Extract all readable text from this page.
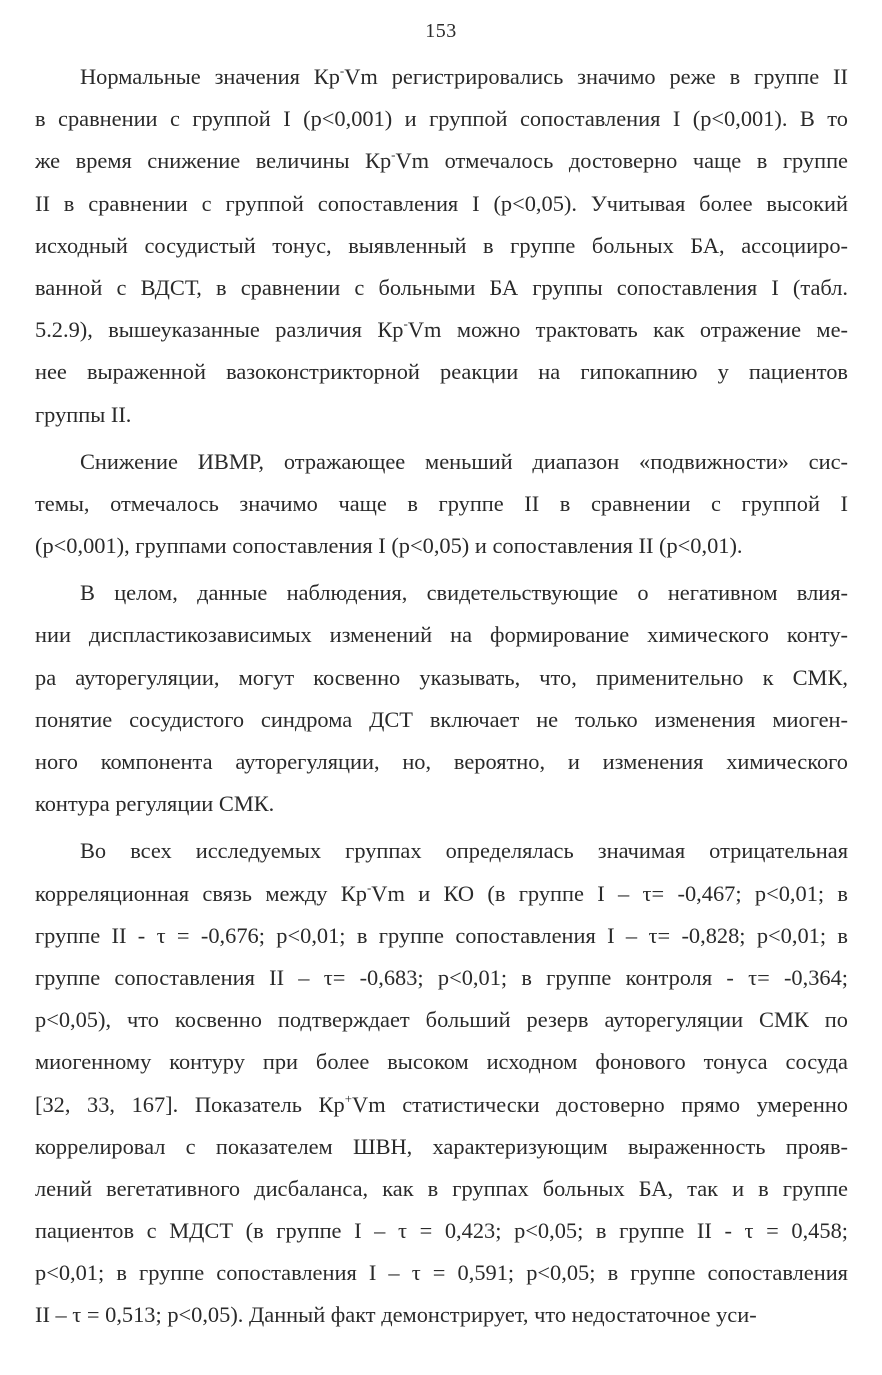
153
Нормальные значения Кр-Vm регистрировались значимо реже в группе II
в сравнении с группой I (p<0,001) и группой сопоставления I (p<0,001). В то
же время снижение величины Кр-Vm отмечалось достоверно чаще в группе
II в сравнении с группой сопоставления I (p<0,05). Учитывая более высокий
исходный сосудистый тонус, выявленный в группе больных БА, ассоцииро-
ванной с ВДСТ, в сравнении с больными БА группы сопоставления I (табл.
5.2.9), вышеуказанные различия Кр-Vm можно трактовать как отражение ме-
нее выраженной вазоконстрикторной реакции на гипокапнию у пациентов
группы II.
Снижение ИВМР, отражающее меньший диапазон «подвижности» сис-
темы, отмечалось значимо чаще в группе II в сравнении с группой I
(p<0,001), группами сопоставления I (p<0,05) и сопоставления II (p<0,01).
В целом, данные наблюдения, свидетельствующие о негативном влия-
нии диспластикозависимых изменений на формирование химического конту-
ра ауторегуляции, могут косвенно указывать, что, применительно к СМК,
понятие сосудистого синдрома ДСТ включает не только изменения миоген-
ного компонента ауторегуляции, но, вероятно, и изменения химического
контура регуляции СМК.
Во всех исследуемых группах определялась значимая отрицательная
корреляционная связь между Кр-Vm и КО (в группе I – τ= -0,467; p<0,01; в
группе II - τ = -0,676; p<0,01; в группе сопоставления I – τ= -0,828; p<0,01; в
группе сопоставления II – τ= -0,683; p<0,01; в группе контроля - τ= -0,364;
p<0,05), что косвенно подтверждает больший резерв ауторегуляции СМК по
миогенному контуру при более высоком исходном фонового тонуса сосуда
[32, 33, 167]. Показатель Кр+Vm статистически достоверно прямо умеренно
коррелировал с показателем ШВН, характеризующим выраженность прояв-
лений вегетативного дисбаланса, как в группах больных БА, так и в группе
пациентов с МДСТ (в группе I – τ = 0,423; p<0,05; в группе II - τ = 0,458;
p<0,01; в группе сопоставления I – τ = 0,591; p<0,05; в группе сопоставления
II – τ = 0,513; p<0,05). Данный факт демонстрирует, что недостаточное уси-
